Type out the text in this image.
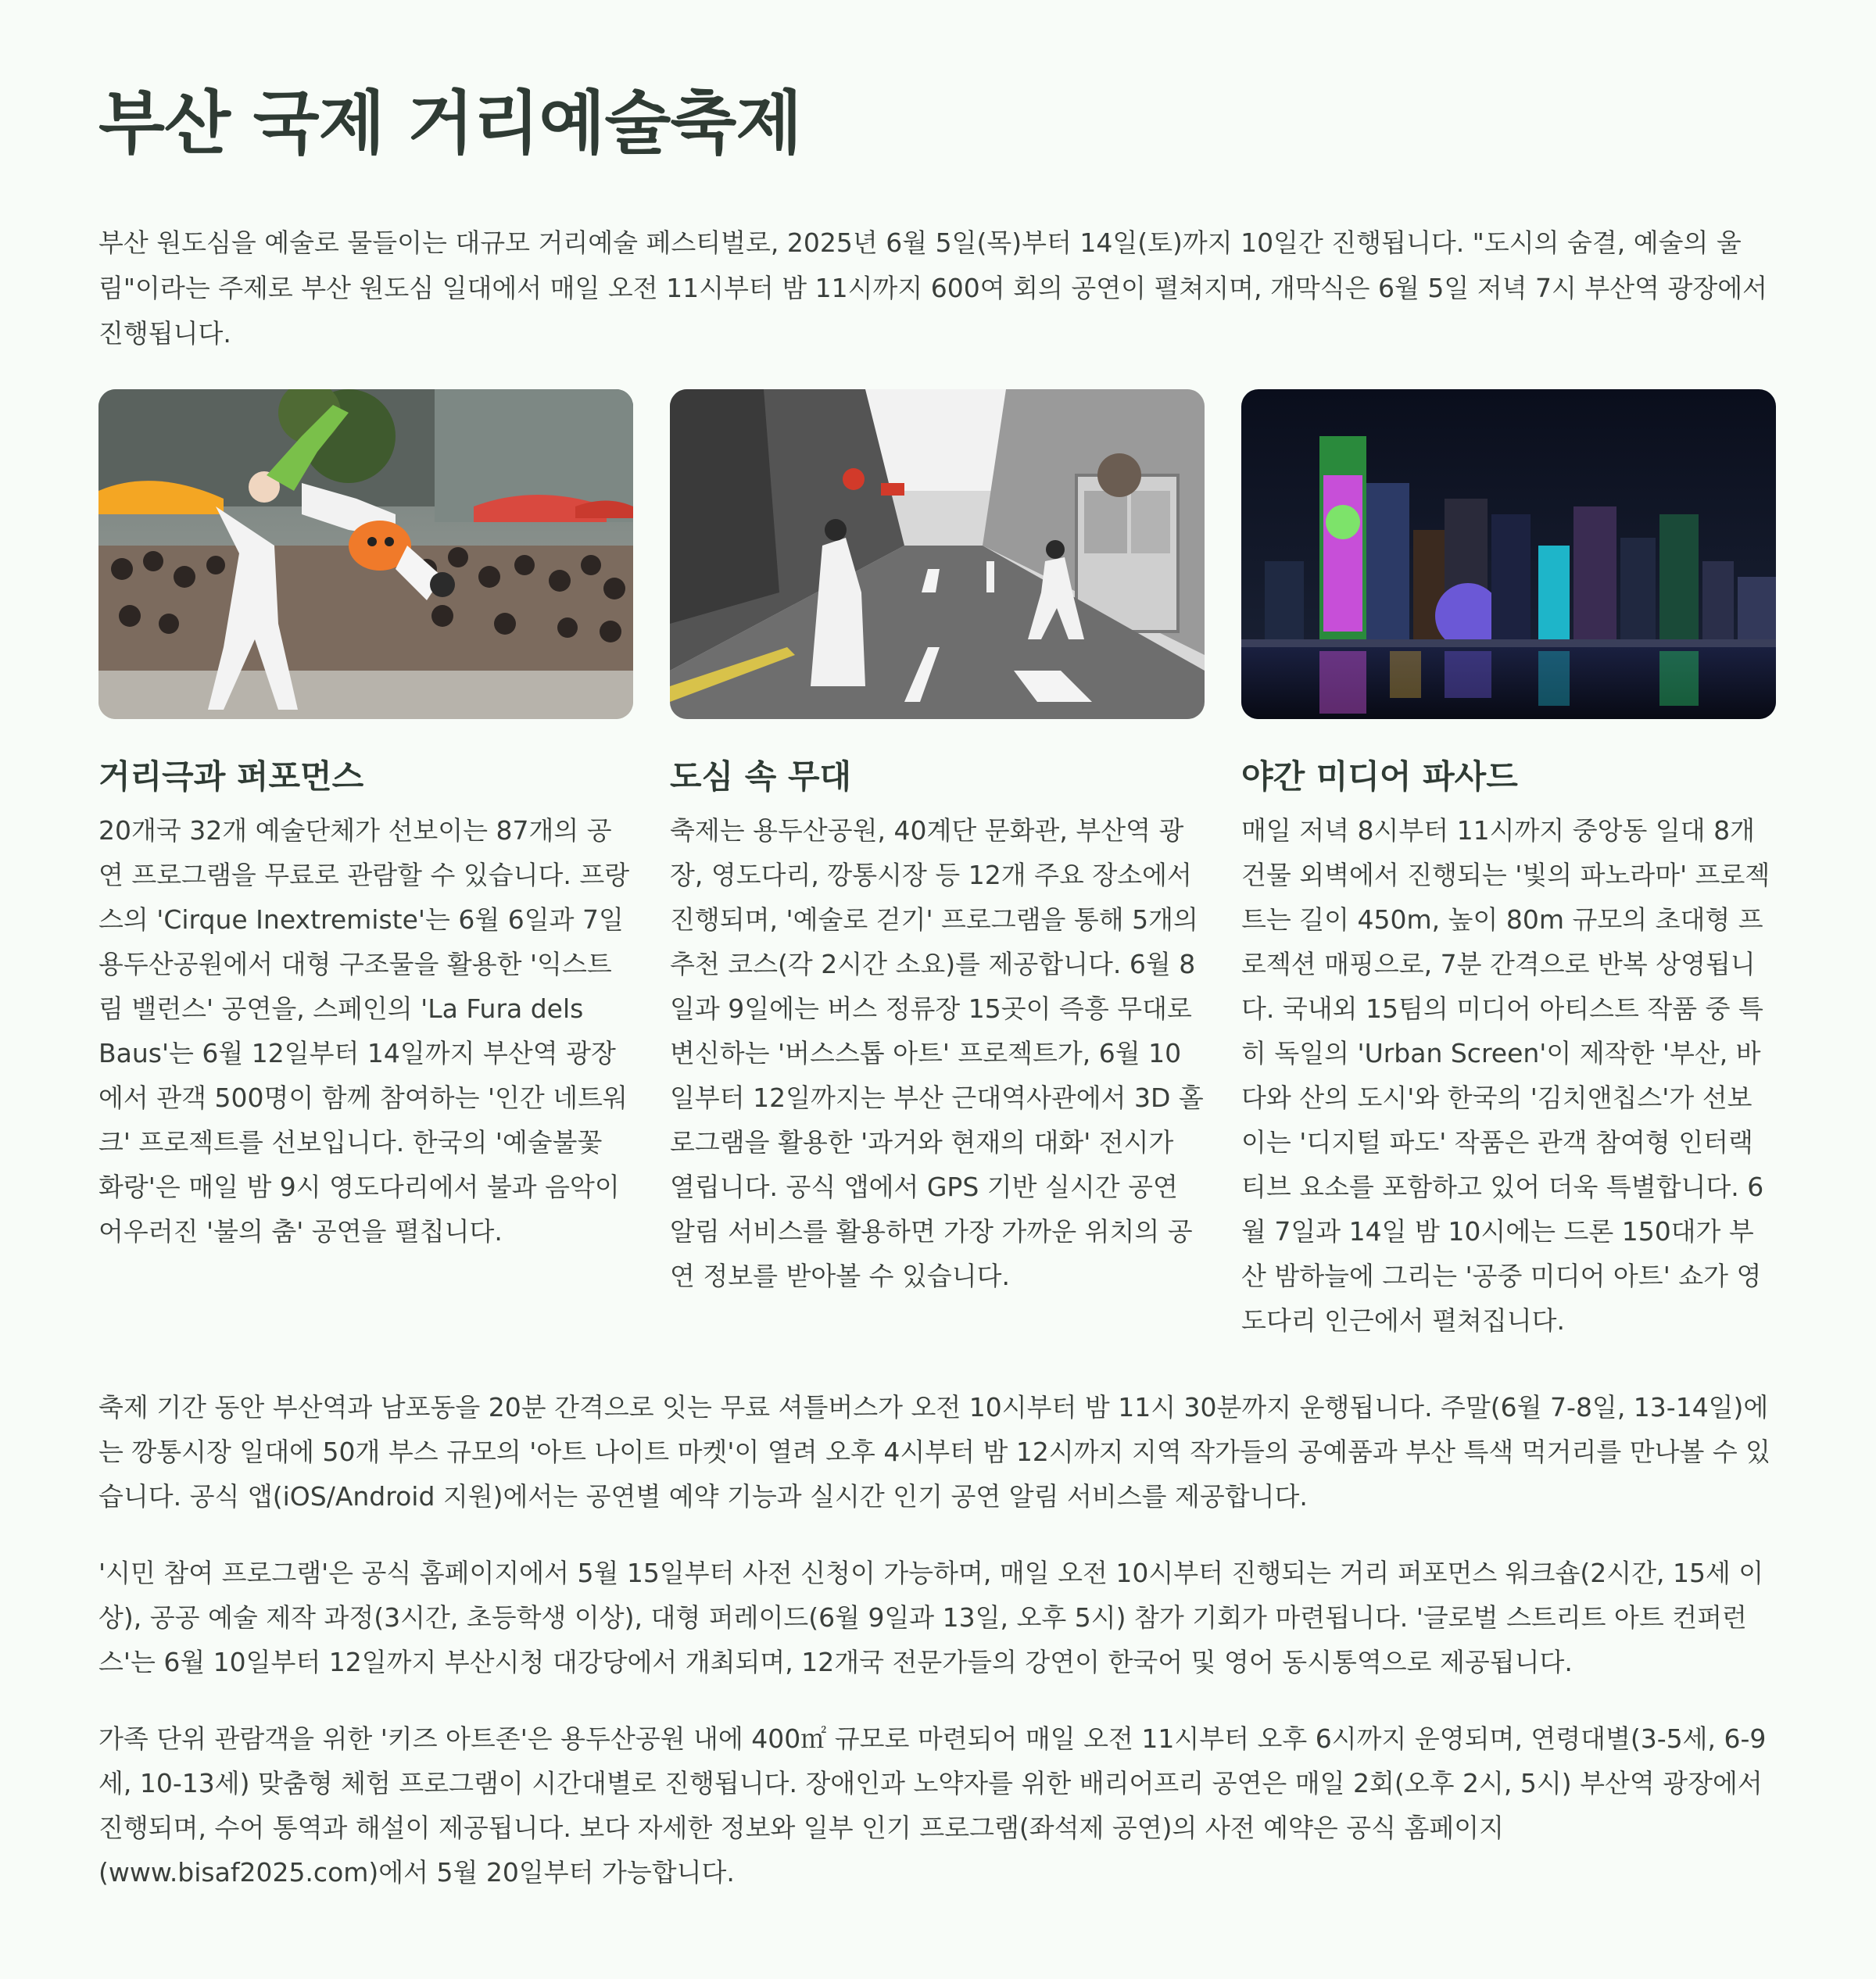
부산 국제 거리예술축제

부산 원도심을 예술로 물들이는 대규모 거리예술 페스티벌로, 2025년 6월 5일(목)부터 14일(토)까지 10일간 진행됩니다. "도시의 숨결, 예술의 울림"이라는 주제로 부산 원도심 일대에서 매일 오전 11시부터 밤 11시까지 600여 회의 공연이 펼쳐지며, 개막식은 6월 5일 저녁 7시 부산역 광장에서 진행됩니다.

거리극과 퍼포먼스

20개국 32개 예술단체가 선보이는 87개의 공연 프로그램을 무료로 관람할 수 있습니다. 프랑스의 'Cirque Inextremiste'는 6월 6일과 7일 용두산공원에서 대형 구조물을 활용한 '익스트림 밸런스' 공연을, 스페인의 'La Fura dels Baus'는 6월 12일부터 14일까지 부산역 광장에서 관객 500명이 함께 참여하는 '인간 네트워크' 프로젝트를 선보입니다. 한국의 '예술불꽃 화랑'은 매일 밤 9시 영도다리에서 불과 음악이 어우러진 '불의 춤' 공연을 펼칩니다.

도심 속 무대

축제는 용두산공원, 40계단 문화관, 부산역 광장, 영도다리, 깡통시장 등 12개 주요 장소에서 진행되며, '예술로 걷기' 프로그램을 통해 5개의 추천 코스(각 2시간 소요)를 제공합니다. 6월 8일과 9일에는 버스 정류장 15곳이 즉흥 무대로 변신하는 '버스스톱 아트' 프로젝트가, 6월 10일부터 12일까지는 부산 근대역사관에서 3D 홀로그램을 활용한 '과거와 현재의 대화' 전시가 열립니다. 공식 앱에서 GPS 기반 실시간 공연 알림 서비스를 활용하면 가장 가까운 위치의 공연 정보를 받아볼 수 있습니다.

야간 미디어 파사드

매일 저녁 8시부터 11시까지 중앙동 일대 8개 건물 외벽에서 진행되는 '빛의 파노라마' 프로젝트는 길이 450m, 높이 80m 규모의 초대형 프로젝션 매핑으로, 7분 간격으로 반복 상영됩니다. 국내외 15팀의 미디어 아티스트 작품 중 특히 독일의 'Urban Screen'이 제작한 '부산, 바다와 산의 도시'와 한국의 '김치앤칩스'가 선보이는 '디지털 파도' 작품은 관객 참여형 인터랙티브 요소를 포함하고 있어 더욱 특별합니다. 6월 7일과 14일 밤 10시에는 드론 150대가 부산 밤하늘에 그리는 '공중 미디어 아트' 쇼가 영도다리 인근에서 펼쳐집니다.

축제 기간 동안 부산역과 남포동을 20분 간격으로 잇는 무료 셔틀버스가 오전 10시부터 밤 11시 30분까지 운행됩니다. 주말(6월 7-8일, 13-14일)에는 깡통시장 일대에 50개 부스 규모의 '아트 나이트 마켓'이 열려 오후 4시부터 밤 12시까지 지역 작가들의 공예품과 부산 특색 먹거리를 만나볼 수 있습니다. 공식 앱(iOS/Android 지원)에서는 공연별 예약 기능과 실시간 인기 공연 알림 서비스를 제공합니다.

'시민 참여 프로그램'은 공식 홈페이지에서 5월 15일부터 사전 신청이 가능하며, 매일 오전 10시부터 진행되는 거리 퍼포먼스 워크숍(2시간, 15세 이상), 공공 예술 제작 과정(3시간, 초등학생 이상), 대형 퍼레이드(6월 9일과 13일, 오후 5시) 참가 기회가 마련됩니다. '글로벌 스트리트 아트 컨퍼런스'는 6월 10일부터 12일까지 부산시청 대강당에서 개최되며, 12개국 전문가들의 강연이 한국어 및 영어 동시통역으로 제공됩니다.

가족 단위 관람객을 위한 '키즈 아트존'은 용두산공원 내에 400㎡ 규모로 마련되어 매일 오전 11시부터 오후 6시까지 운영되며, 연령대별(3-5세, 6-9세, 10-13세) 맞춤형 체험 프로그램이 시간대별로 진행됩니다. 장애인과 노약자를 위한 배리어프리 공연은 매일 2회(오후 2시, 5시) 부산역 광장에서 진행되며, 수어 통역과 해설이 제공됩니다. 보다 자세한 정보와 일부 인기 프로그램(좌석제 공연)의 사전 예약은 공식 홈페이지(www.bisaf2025.com)에서 5월 20일부터 가능합니다.
